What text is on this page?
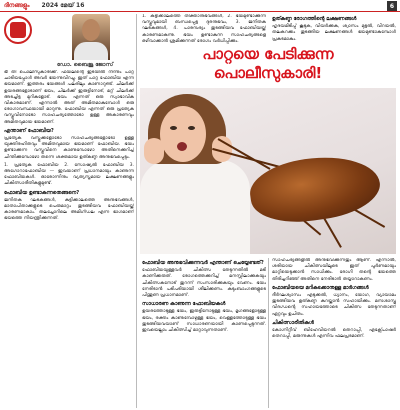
ദിനങ്ങളും 2024 മേയ് 16	6
ഡോ. ബൈജു ജോസ്

ഭീ തി പൊലീസുകാരിക്ക്. ഫയലിന്റെ ഇടയിൽ നിന്നും പാറ്റ ചാടിയപ്പോൾ അവർ ഭയന്നുവിറച്ചു. ഇത് പാറ്റ ഫോബിയ എന്ന ഭയമാണ്. ഇത്തരം ഭയങ്ങൾ പലരിലും കാണാറുണ്ട്. ചിലർക്ക് ഉയരങ്ങളോടാണ് ഭയം, ചിലർക്ക് ഇരുട്ടിനോട്, മറ്റ് ചിലർക്ക് അടച്ചിട്ട മുറികളോട്. ഭയം എന്നത് ഒരു സ്വാഭാവിക വികാരമാണ്. എന്നാൽ അത് അമിതമാകുമ്പോൾ ഒരു രോഗാവസ്ഥയായി മാറുന്നു. ഫോബിയ എന്നത് ഒരു പ്രത്യേക വസ്തുവിനോടോ സാഹചര്യത്തോടോ ഉള്ള അകാരണവും അമിതവുമായ ഭയമാണ്.

എന്താണ് ഫോബിയ?

പ്രത്യേക വസ്തുക്കളോടോ സാഹചര്യങ്ങളോടോ ഉള്ള യുക്തിരഹിതവും അമിതവുമായ ഭയമാണ് ഫോബിയ. ഭയം ഉണ്ടാക്കുന്ന വസ്തുവിനെ കാണുമ്പോഴോ അതിനെക്കുറിച്ച് ചിന്തിക്കുമ്പോഴോ തന്നെ ശക്തമായ ഉത്കണ്ഠ അനുഭവപ്പെടും.

1. പ്രത്യേക ഫോബിയ 2. സോഷ്യൽ ഫോബിയ 3. അഗോറാഫോബിയ — ഇവയാണ് പ്രധാനമായും കാണുന്ന ഫോബിയകൾ. ഓരോന്നിനും വ്യത്യസ്തമായ ലക്ഷണങ്ങളും ചികിത്സാരീതികളുമുണ്ട്.

ഫോബിയ ഉണ്ടാകുന്നതെങ്ങനെ?

ജനിതക ഘടകങ്ങൾ, കുട്ടിക്കാലത്തെ അനുഭവങ്ങൾ, മാതാപിതാക്കളുടെ പെരുമാറ്റം തുടങ്ങിയവ ഫോബിയയ്ക്ക് കാരണമാകാം. തലച്ചോറിലെ അമിഗ്ഡല എന്ന ഭാഗമാണ് ഭയത്തെ നിയന്ത്രിക്കുന്നത്.

1. കുട്ടിക്കാലത്തെ തിക്താനുഭവങ്ങൾ, 2. ഭയമുണ്ടാക്കുന്ന വസ്തുവുമായി ബന്ധപ്പെട്ട ദുരനുഭവം, 3. ജനിതക ഘടകങ്ങൾ, 4. പാരമ്പര്യം തുടങ്ങിയവ ഫോബിയയ്ക്ക് കാരണമാകുന്നു. ഭയം ഉണ്ടാകുന്ന സാഹചര്യങ്ങളെ ഒഴിവാക്കാൻ ശ്രമിക്കുന്നത് രോഗം വർധിപ്പിക്കും.

ഉത്കണ്ഠ രോഗത്തിന്റെ ലക്ഷണങ്ങൾ

ഹൃദയമിടിപ്പ് കൂടുക, വിയർക്കുക, ശ്വാസം മുട്ടൽ, വിറയൽ, തലകറക്കം തുടങ്ങിയ ലക്ഷണങ്ങൾ ഭയമുണ്ടാകുമ്പോൾ പ്രകടമാകും.

പാറ്റയെ പേടിക്കുന്ന
പൊലീസുകാരി!
ഫോബിയ അനുഭവിക്കുന്നവർ എന്താണ് ചെയ്യേണ്ടത്?

ഫോബിയയുള്ളവർ ചികിത്സ തേടുന്നതിൽ മടി കാണിക്കരുത്. രോഗത്തെക്കുറിച്ച് മനസ്സിലാക്കുകയും ചികിത്സകനോട് തുറന്ന് സംസാരിക്കുകയും വേണം. ഭയം നേരിടാൻ പടിപടിയായി ശീലിക്കണം. കുടുംബാംഗങ്ങളുടെ പിന്തുണ പ്രധാനമാണ്.

സാധാരണ കാണുന്ന ഫോബിയകൾ

ഉയരത്തോടുള്ള ഭയം, ഇരുട്ടിനോടുള്ള ഭയം, മൃഗങ്ങളോടുള്ള ഭയം, രക്തം കാണുമ്പോഴുള്ള ഭയം, വെള്ളത്തോടുള്ള ഭയം തുടങ്ങിയവയാണ് സാധാരണയായി കാണപ്പെടുന്നത്. ഇവയെല്ലാം ചികിത്സിച്ച് മാറ്റാവുന്നതാണ്.

സാഹചര്യങ്ങളിൽ അനുഭവിക്കുന്നതും ആണ്. എന്നാൽ, ശരിയായ ചികിത്സയിലൂടെ ഇത് പൂർണമായും മാറ്റിയെടുക്കാൻ സാധിക്കും. രോഗി തന്റെ ഭയത്തെ തിരിച്ചറിഞ്ഞ് അതിനെ നേരിടാൻ തയ്യാറാകണം.

ഫോബിയയെ മറികടക്കാനുള്ള മാർഗങ്ങൾ

ദീർഘശ്വാസം എടുക്കൽ, ധ്യാനം, യോഗ, വ്യായാമം തുടങ്ങിയവ ഉത്കണ്ഠ കുറയ്ക്കാൻ സഹായിക്കും. മനഃശാസ്ത്ര വിദഗ്ധന്റെ സഹായത്തോടെ ചികിത്സ തേടുന്നതാണ് ഏറ്റവും ഉചിതം.

ചികിത്സാരീതികൾ

കോഗ്നിറ്റീവ് ബിഹേവിയറൽ തെറാപ്പി, എക്സ്പോഷർ തെറാപ്പി, മരുന്നുകൾ എന്നിവ ഫലപ്രദമാണ്.
